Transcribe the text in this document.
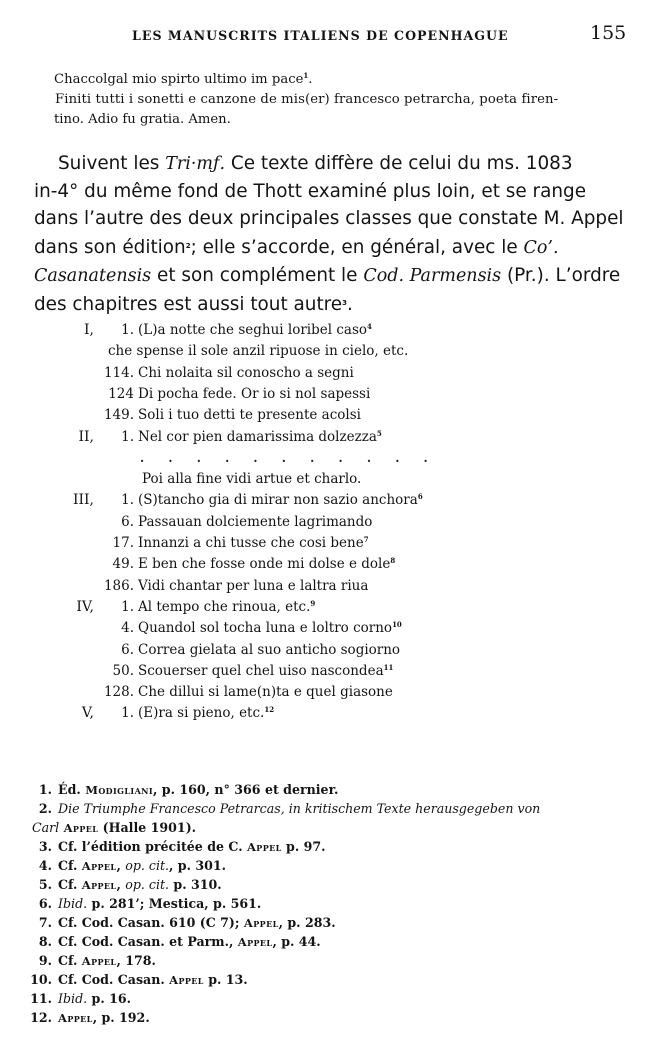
LES MANUSCRITS ITALIENS DE COPENHAGUE	155
Chaccolgal mio spirto ultimo im pace$^1$.
Finiti tutti i sonetti e canzone de mis(er) francesco petrarcha, poeta firen-
tino. Adio fu gratia. Amen.
Suivent les Tri·mƒ. Ce texte diffère de celui du ms. 1083
in-4° du même fond de Thott examiné plus loin, et se range
dans l’autre des deux principales classes que constate M. Appel
dans son édition$^2$; elle s’accorde, en général, avec le Co’.
Casanatensis et son complément le Cod. Parmensis (Pr.). L’ordre
des chapitres est aussi tout autre$^3$.
I,	1. (L)a notte che seghui loribel caso$^4$
che spense il sole anzil ripuose in cielo, etc.
114. Chi nolaita sil conoscho a segni
124 Di pocha fede. Or io si nol sapessi
149. Soli i tuo detti te presente acolsi
II,	1. Nel cor pien damarissima dolzezza$^5$
. . . . . . . . . . .
Poi alla fine vidi artue et charlo.
III,	1. (S)tancho gia di mirar non sazio anchora$^6$
6. Passauan dolciemente lagrimando
17. Innanzi a chi tusse che cosi bene$^7$
49. E ben che fosse onde mi dolse e dole$^8$
186. Vidi chantar per luna e laltra riua
IV,	1. Al tempo che rinoua, etc.$^9$
4. Quandol sol tocha luna e loltro corno$^{10}$
6. Correa gielata al suo anticho sogiorno
50. Scouerser quel chel uiso nascondea$^{11}$
128. Che dillui si lame(n)ta e quel giasone
V,	1. (E)ra si pieno, etc.$^{12}$
1. Éd. Modigliani, p. 160, n° 366 et dernier.
2. Die Triumphe Francesco Petrarcas, in kritischem Texte herausgegeben von
Carl Appel (Halle 1901).
3. Cf. l’édition précitée de C. Appel p. 97.
4. Cf. Appel, op. cit., p. 301.
5. Cf. Appel, op. cit. p. 310.
6. Ibid. p. 281’; Mestica, p. 561.
7. Cf. Cod. Casan. 610 (C 7); Appel, p. 283.
8. Cf. Cod. Casan. et Parm., Appel, p. 44.
9. Cf. Appel, 178.
10. Cf. Cod. Casan. Appel p. 13.
11. Ibid. p. 16.
12. Appel, p. 192.
